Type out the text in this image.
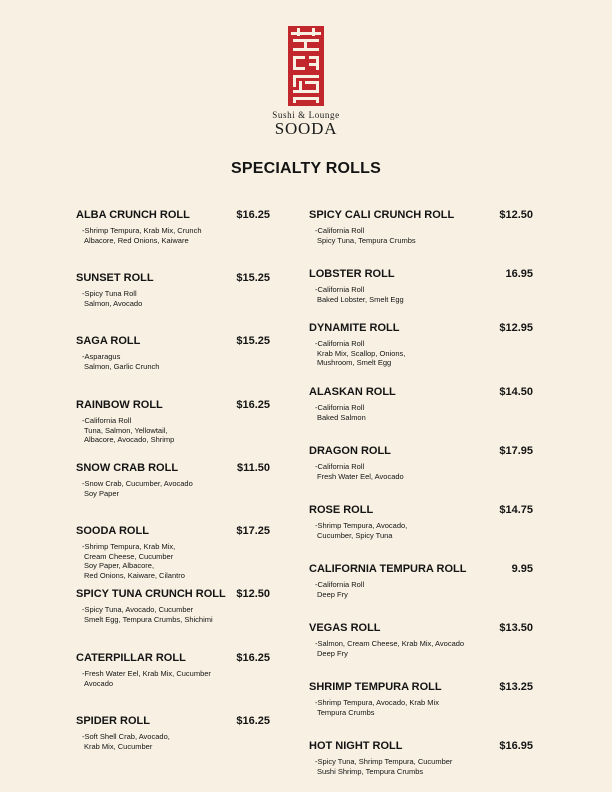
Sushi & Lounge
SOODA
SPECIALTY ROLLS
ALBA CRUNCH ROLL	$16.25
-Shrimp Tempura, Krab Mix, Crunch
Albacore, Red Onions, Kaiware
SUNSET ROLL	$15.25
-Spicy Tuna Roll
Salmon, Avocado
SAGA ROLL	$15.25
-Asparagus
Salmon, Garlic Crunch
RAINBOW ROLL	$16.25
-California Roll
Tuna, Salmon, Yellowtail,
Albacore, Avocado, Shrimp
SNOW CRAB ROLL	$11.50
-Snow Crab, Cucumber, Avocado
Soy Paper
SOODA ROLL	$17.25
-Shrimp Tempura, Krab Mix,
Cream Cheese, Cucumber
Soy Paper, Albacore,
Red Onions, Kaiware, Cilantro
SPICY TUNA CRUNCH ROLL $12.50
-Spicy Tuna, Avocado, Cucumber
Smelt Egg, Tempura Crumbs, Shichimi
CATERPILLAR ROLL	$16.25
-Fresh Water Eel, Krab Mix, Cucumber
Avocado
SPIDER ROLL	$16.25
-Soft Shell Crab, Avocado,
Krab Mix, Cucumber
SPICY CALI CRUNCH ROLL	$12.50
-California Roll
Spicy Tuna, Tempura Crumbs
LOBSTER ROLL	16.95
-California Roll
Baked Lobster, Smelt Egg
DYNAMITE ROLL	$12.95
-California Roll
Krab Mix, Scallop, Onions,
Mushroom, Smelt Egg
ALASKAN ROLL	$14.50
-California Roll
Baked Salmon
DRAGON ROLL	$17.95
-California Roll
Fresh Water Eel, Avocado
ROSE ROLL	$14.75
-Shrimp Tempura, Avocado,
Cucumber, Spicy Tuna
CALIFORNIA TEMPURA ROLL	9.95
-California Roll
Deep Fry
VEGAS ROLL	$13.50
-Salmon, Cream Cheese, Krab Mix, Avocado
Deep Fry
SHRIMP TEMPURA ROLL	$13.25
-Shrimp Tempura, Avocado, Krab Mix
Tempura Crumbs
HOT NIGHT ROLL	$16.95
-Spicy Tuna, Shrimp Tempura, Cucumber
Sushi Shrimp, Tempura Crumbs
